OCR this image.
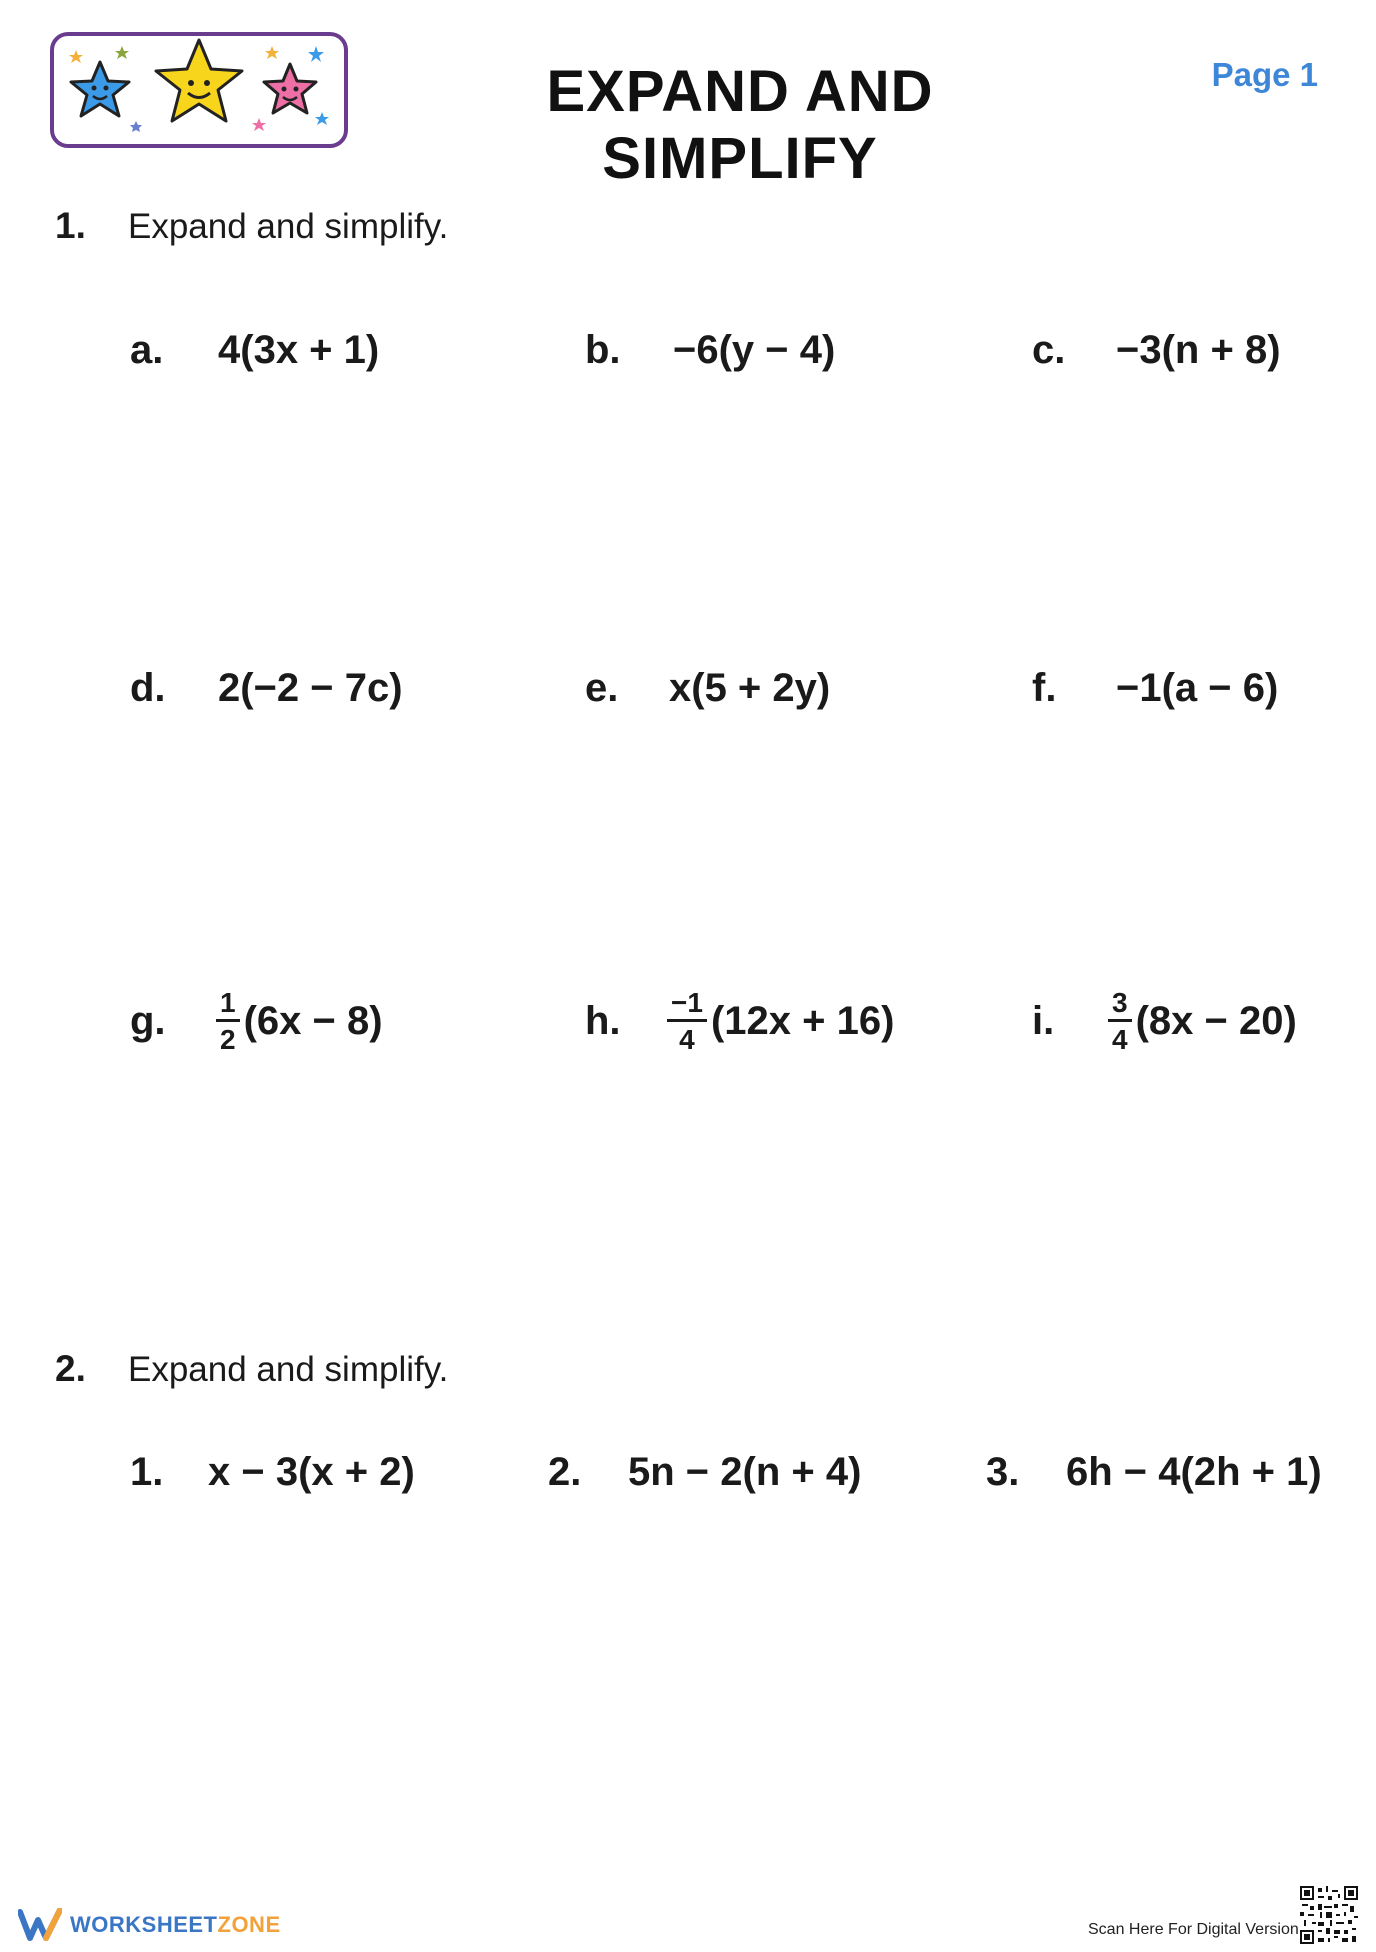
EXPAND AND SIMPLIFY
Page 1
1. Expand and simplify.
a.	4(3x + 1)	b.	−6(y − 4)	c.	−3(n + 8)
d.	2(−2 − 7c)	e.	x(5 + 2y)	f.	−1(a − 6)
g.	$\frac{1}{2} (6x - 8)$	h.	$\frac{-1}{4} (12x + 16)$	i.	$\frac{3}{4} (8x - 20)$
2. Expand and simplify.
1.	x − 3(x + 2)	2.	5n − 2(n + 4)	3.	6h − 4(2h + 1)
WORKSHEETZONE	Scan Here For Digital Version
